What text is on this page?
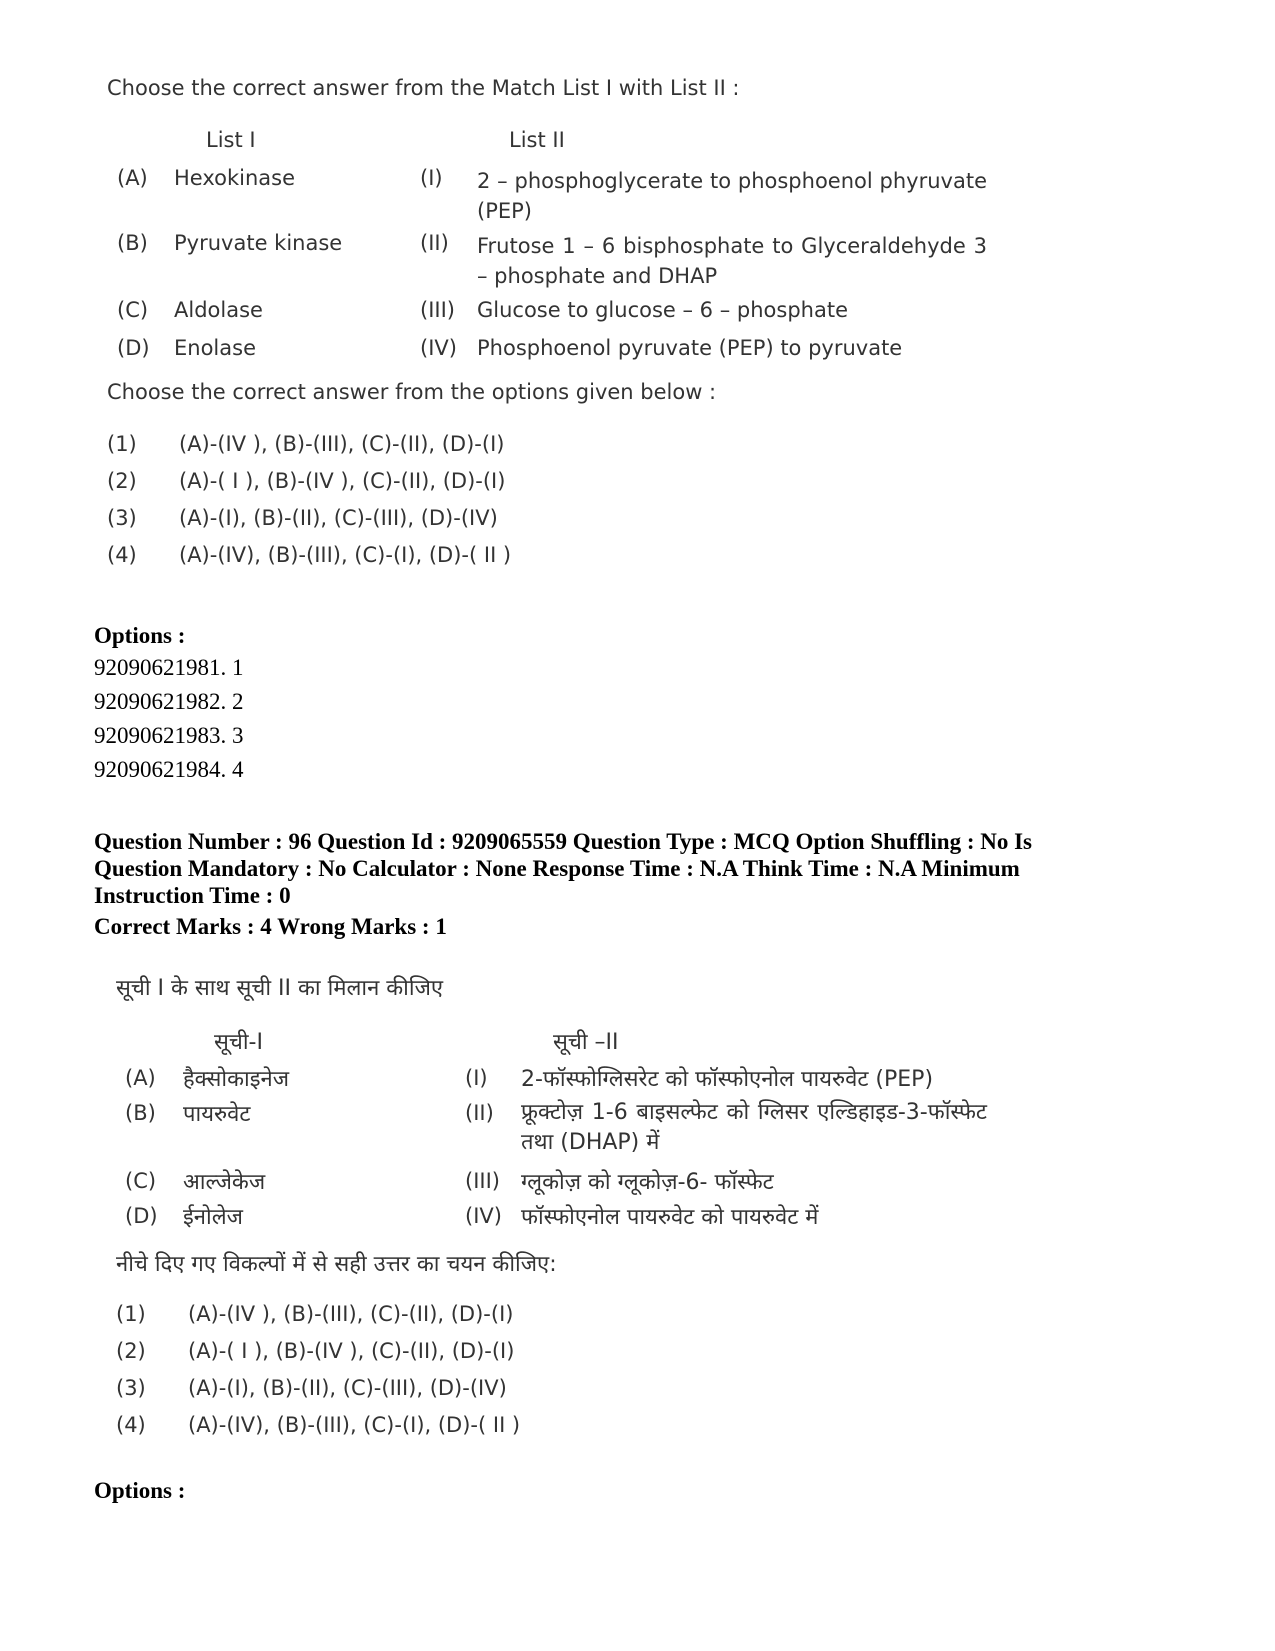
Choose the correct answer from the Match List I with List II :
List I	List II
(A) Hexokinase	(I) 2 – phosphoglycerate to phosphoenol phyruvate (PEP)
(B) Pyruvate kinase	(II) Frutose 1 – 6 bisphosphate to Glyceraldehyde 3 – phosphate and DHAP
(C) Aldolase	(III) Glucose to glucose – 6 – phosphate
(D) Enolase	(IV) Phosphoenol pyruvate (PEP) to pyruvate
Choose the correct answer from the options given below :
(1) (A)-(IV ), (B)-(III), (C)-(II), (D)-(I)
(2) (A)-( I ), (B)-(IV ), (C)-(II), (D)-(I)
(3) (A)-(I), (B)-(II), (C)-(III), (D)-(IV)
(4) (A)-(IV), (B)-(III), (C)-(I), (D)-( II )
Options :
92090621981. 1
92090621982. 2
92090621983. 3
92090621984. 4
Question Number : 96 Question Id : 9209065559 Question Type : MCQ Option Shuffling : No Is
Question Mandatory : No Calculator : None Response Time : N.A Think Time : N.A Minimum
Instruction Time : 0
Correct Marks : 4 Wrong Marks : 1
सूची I के साथ सूची II का मिलान कीजिए
सूची-I	सूची –II
(A) हैक्सोकाइनेज	(I) 2-फॉस्फोग्लिसरेट को फॉस्फोएनोल पायरुवेट (PEP)
(B) पायरुवेट	(II) फ्रूक्टोज़ 1-6 बाइसल्फेट को ग्लिसर एल्डिहाइड-3-फॉस्फेट तथा (DHAP) में
(C) आल्जेकेज	(III) ग्लूकोज़ को ग्लूकोज़-6- फॉस्फेट
(D) ईनोलेज	(IV) फॉस्फोएनोल पायरुवेट को पायरुवेट में
नीचे दिए गए विकल्पों में से सही उत्तर का चयन कीजिए:
(1) (A)-(IV ), (B)-(III), (C)-(II), (D)-(I)
(2) (A)-( I ), (B)-(IV ), (C)-(II), (D)-(I)
(3) (A)-(I), (B)-(II), (C)-(III), (D)-(IV)
(4) (A)-(IV), (B)-(III), (C)-(I), (D)-( II )
Options :
